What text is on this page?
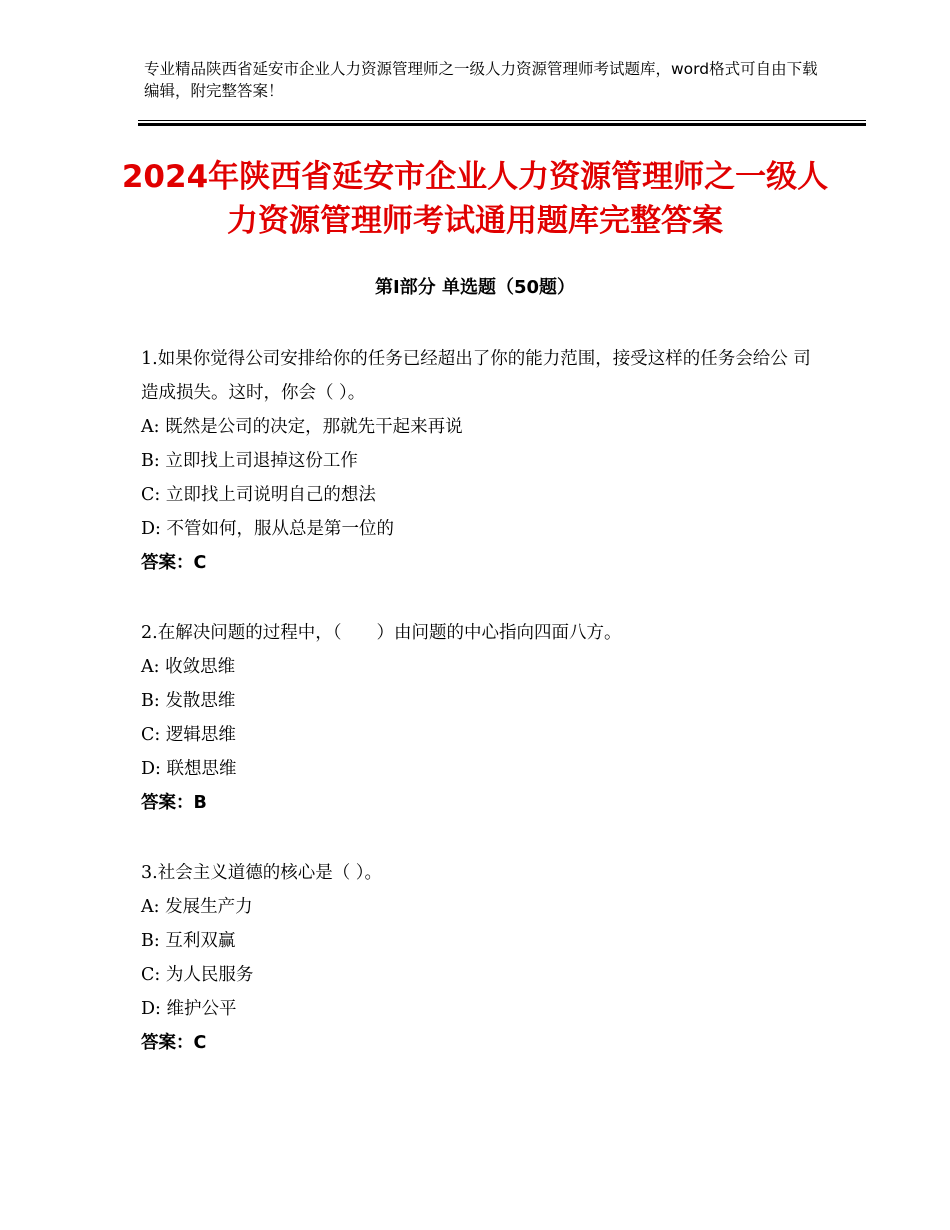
专业精品陕西省延安市企业人力资源管理师之一级人力资源管理师考试题库，word格式可自由下载编辑，附完整答案！
2024年陕西省延安市企业人力资源管理师之一级人力资源管理师考试通用题库完整答案
第Ⅰ部分 单选题（50题）
1.如果你觉得公司安排给你的任务已经超出了你的能力范围，接受这样的任务会给公 司造成损失。这时，你会（ ）。
A: 既然是公司的决定，那就先干起来再说
B: 立即找上司退掉这份工作
C: 立即找上司说明自己的想法
D: 不管如何，服从总是第一位的
答案：C
2.在解决问题的过程中，（　　）由问题的中心指向四面八方。
A: 收敛思维
B: 发散思维
C: 逻辑思维
D: 联想思维
答案：B
3.社会主义道德的核心是（ ）。
A: 发展生产力
B: 互利双赢
C: 为人民服务
D: 维护公平
答案：C
